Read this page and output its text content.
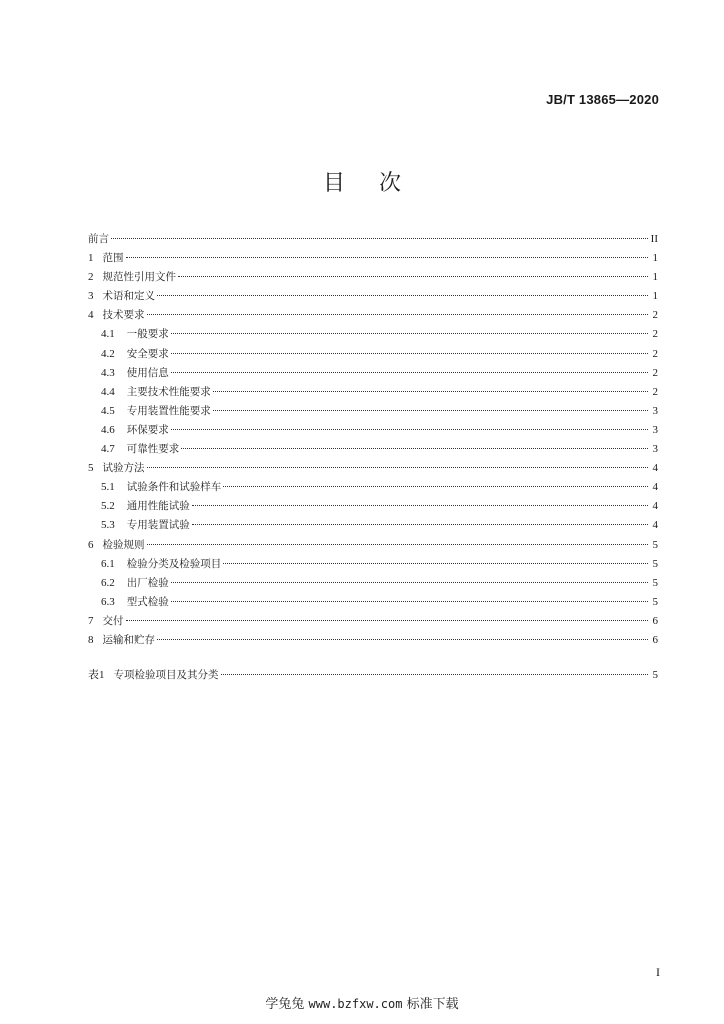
JB/T 13865—2020
目次
前言	II
1 范围	1
2 规范性引用文件	1
3 术语和定义	1
4 技术要求	2
4.1 一般要求	2
4.2 安全要求	2
4.3 使用信息	2
4.4 主要技术性能要求	2
4.5 专用装置性能要求	3
4.6 环保要求	3
4.7 可靠性要求	3
5 试验方法	4
5.1 试验条件和试验样车	4
5.2 通用性能试验	4
5.3 专用装置试验	4
6 检验规则	5
6.1 检验分类及检验项目	5
6.2 出厂检验	5
6.3 型式检验	5
7 交付	6
8 运输和贮存	6
表1 专项检验项目及其分类	5
I
学兔兔 www.bzfxw.com 标准下载
